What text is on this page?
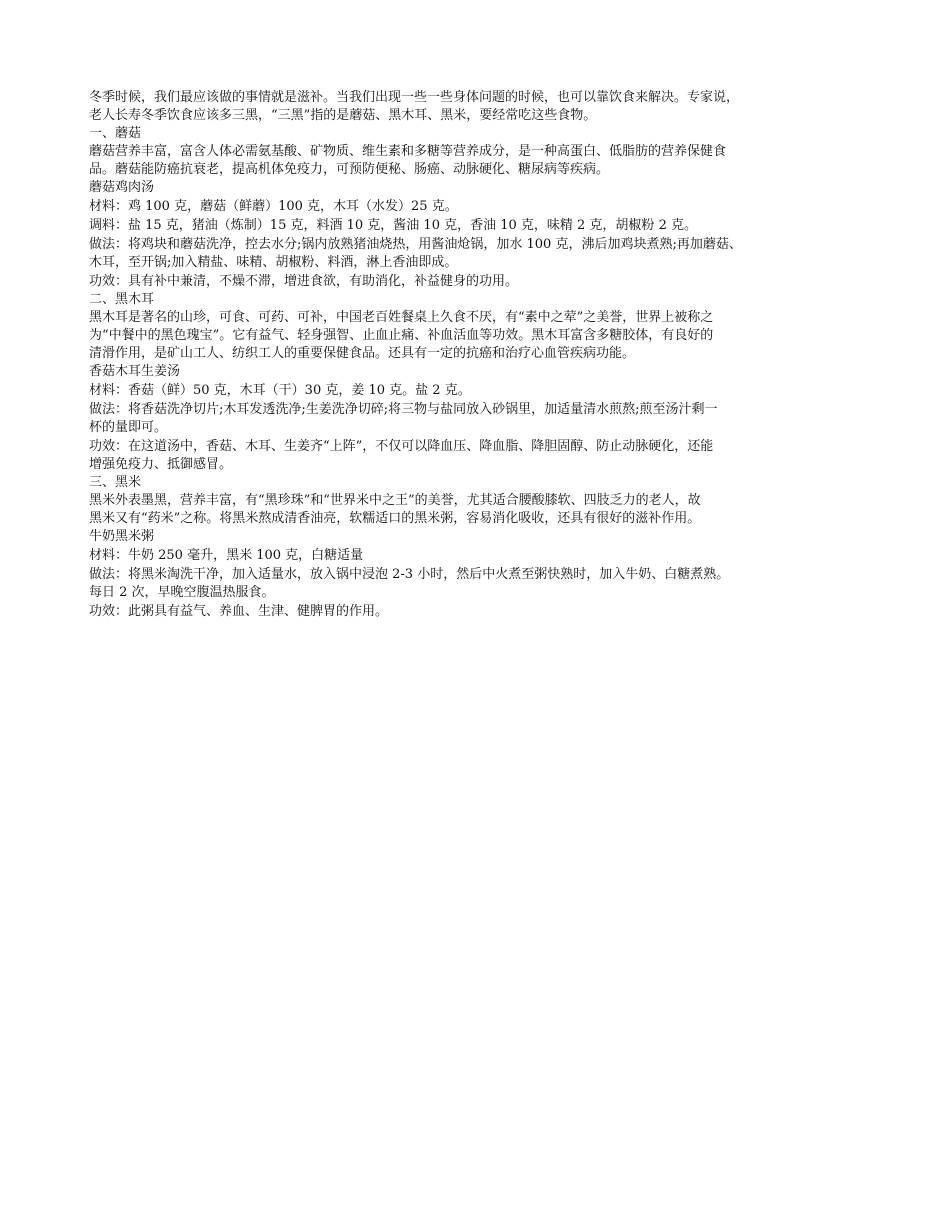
冬季时候，我们最应该做的事情就是滋补。当我们出现一些一些身体问题的时候，也可以靠饮食来解决。专家说，

老人长寿冬季饮食应该多三黑，“三黑”指的是蘑菇、黑木耳、黑米，要经常吃这些食物。

一、蘑菇

蘑菇营养丰富，富含人体必需氨基酸、矿物质、维生素和多糖等营养成分，是一种高蛋白、低脂肪的营养保健食

品。蘑菇能防癌抗衰老，提高机体免疫力，可预防便秘、肠癌、动脉硬化、糖尿病等疾病。

蘑菇鸡肉汤

材料：鸡 100 克，蘑菇（鲜蘑）100 克，木耳（水发）25 克。

调料：盐 15 克，猪油（炼制）15 克，料酒 10 克，酱油 10 克，香油 10 克，味精 2 克，胡椒粉 2 克。

做法：将鸡块和蘑菇洗净，控去水分;锅内放熟猪油烧热，用酱油炝锅，加水 100 克，沸后加鸡块煮熟;再加蘑菇、

木耳，至开锅;加入精盐、味精、胡椒粉、料酒，淋上香油即成。

功效：具有补中兼清，不燥不滞，增进食欲，有助消化，补益健身的功用。

二、黑木耳

黑木耳是著名的山珍，可食、可药、可补，中国老百姓餐桌上久食不厌，有“素中之荤”之美誉，世界上被称之

为“中餐中的黑色瑰宝”。它有益气、轻身强智、止血止痛、补血活血等功效。黑木耳富含多糖胶体，有良好的

清滑作用，是矿山工人、纺织工人的重要保健食品。还具有一定的抗癌和治疗心血管疾病功能。

香菇木耳生姜汤

材料：香菇（鲜）50 克，木耳（干）30 克，姜 10 克。盐 2 克。

做法：将香菇洗净切片;木耳发透洗净;生姜洗净切碎;将三物与盐同放入砂锅里，加适量清水煎熬;煎至汤汁剩一

杯的量即可。

功效：在这道汤中，香菇、木耳、生姜齐“上阵”，不仅可以降血压、降血脂、降胆固醇、防止动脉硬化，还能

增强免疫力、抵御感冒。

三、黑米

黑米外表墨黑，营养丰富，有“黑珍珠”和“世界米中之王”的美誉，尤其适合腰酸膝软、四肢乏力的老人，故

黑米又有“药米”之称。将黑米熬成清香油亮，软糯适口的黑米粥，容易消化吸收，还具有很好的滋补作用。

牛奶黑米粥

材料：牛奶 250 毫升，黑米 100 克，白糖适量

做法：将黑米淘洗干净，加入适量水，放入锅中浸泡 2-3 小时，然后中火煮至粥快熟时，加入牛奶、白糖煮熟。

每日 2 次，早晚空腹温热服食。

功效：此粥具有益气、养血、生津、健脾胃的作用。
